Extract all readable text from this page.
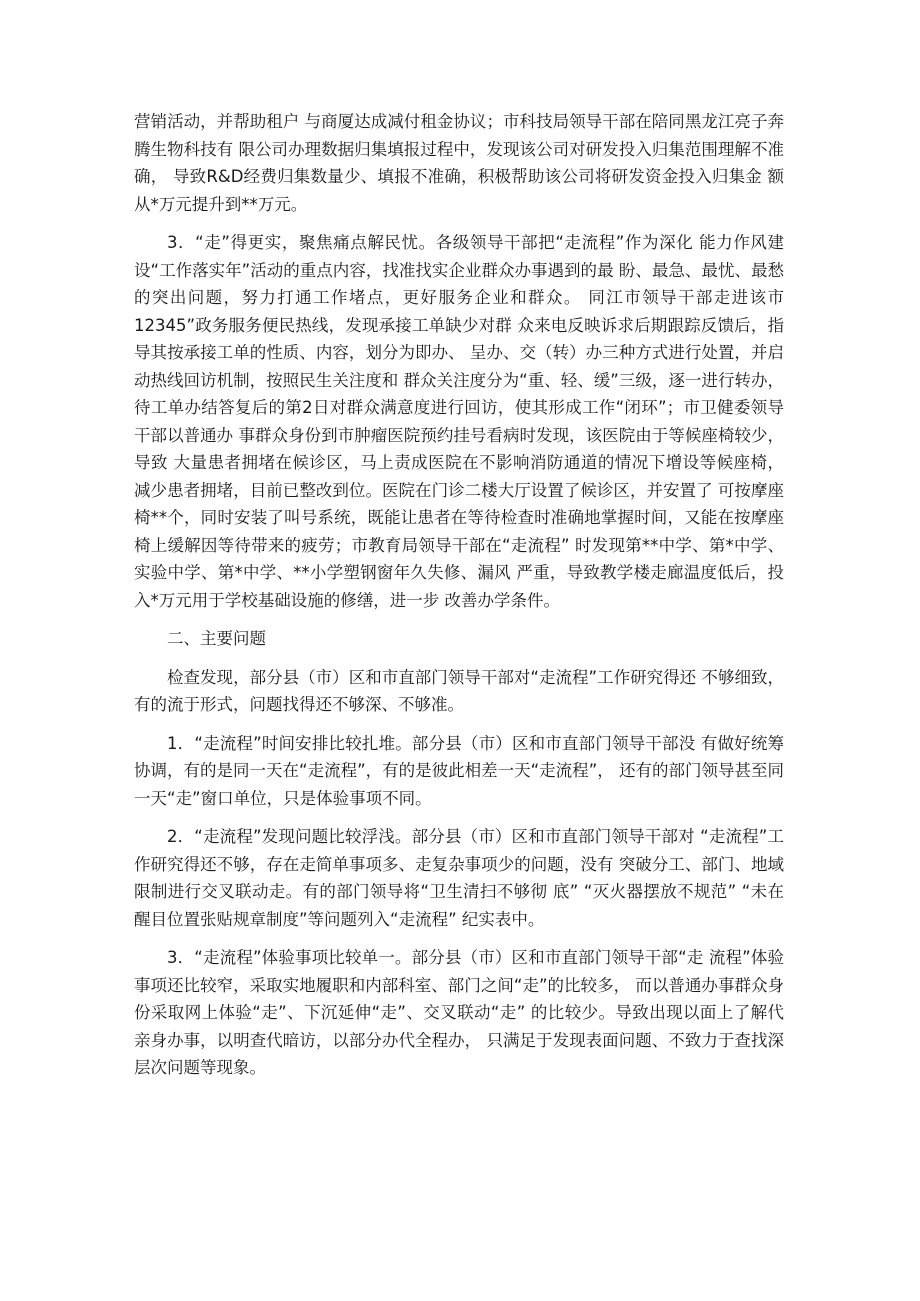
营销活动，并帮助租户 与商厦达成减付租金协议；市科技局领导干部在陪同黑龙江亮子奔腾生物科技有 限公司办理数据归集填报过程中，发现该公司对研发投入归集范围理解不准确， 导致R&D经费归集数量少、填报不准确，积极帮助该公司将研发资金投入归集金 额从*万元提升到**万元。

3．“走”得更实，聚焦痛点解民忧。各级领导干部把“走流程”作为深化 能力作风建设“工作落实年”活动的重点内容，找准找实企业群众办事遇到的最 盼、最急、最忧、最愁的突出问题，努力打通工作堵点，更好服务企业和群众。 同江市领导干部走进该市12345”政务服务便民热线，发现承接工单缺少对群 众来电反映诉求后期跟踪反馈后，指导其按承接工单的性质、内容，划分为即办、 呈办、交（转）办三种方式进行处置，并启动热线回访机制，按照民生关注度和 群众关注度分为“重、轻、缓”三级，逐一进行转办，待工单办结答复后的第2日对群众满意度进行回访，使其形成工作“闭环”；市卫健委领导干部以普通办 事群众身份到市肿瘤医院预约挂号看病时发现，该医院由于等候座椅较少，导致 大量患者拥堵在候诊区，马上责成医院在不影响消防通道的情况下增设等候座椅， 减少患者拥堵，目前已整改到位。医院在门诊二楼大厅设置了候诊区，并安置了 可按摩座椅**个，同时安装了叫号系统，既能让患者在等待检查时准确地掌握时间，又能在按摩座椅上缓解因等待带来的疲劳；市教育局领导干部在“走流程” 时发现第**中学、第*中学、实验中学、第*中学、**小学塑钢窗年久失修、漏风 严重，导致教学楼走廊温度低后，投入*万元用于学校基础设施的修缮，进一步 改善办学条件。

二、主要问题

检查发现，部分县（市）区和市直部门领导干部对“走流程”工作研究得还 不够细致，有的流于形式，问题找得还不够深、不够准。

1．“走流程”时间安排比较扎堆。部分县（市）区和市直部门领导干部没 有做好统筹协调，有的是同一天在“走流程”，有的是彼此相差一天“走流程”， 还有的部门领导甚至同一天“走”窗口单位，只是体验事项不同。

2．“走流程”发现问题比较浮浅。部分县（市）区和市直部门领导干部对 “走流程”工作研究得还不够，存在走简单事项多、走复杂事项少的问题，没有 突破分工、部门、地域限制进行交叉联动走。有的部门领导将“卫生清扫不够彻 底” “灭火器摆放不规范” “未在醒目位置张贴规章制度”等问题列入“走流程” 纪实表中。

3．“走流程”体验事项比较单一。部分县（市）区和市直部门领导干部“走 流程”体验事项还比较窄，采取实地履职和内部科室、部门之间“走”的比较多， 而以普通办事群众身份采取网上体验“走”、下沉延伸“走”、交叉联动“走” 的比较少。导致出现以面上了解代亲身办事，以明查代暗访，以部分办代全程办， 只满足于发现表面问题、不致力于查找深层次问题等现象。
